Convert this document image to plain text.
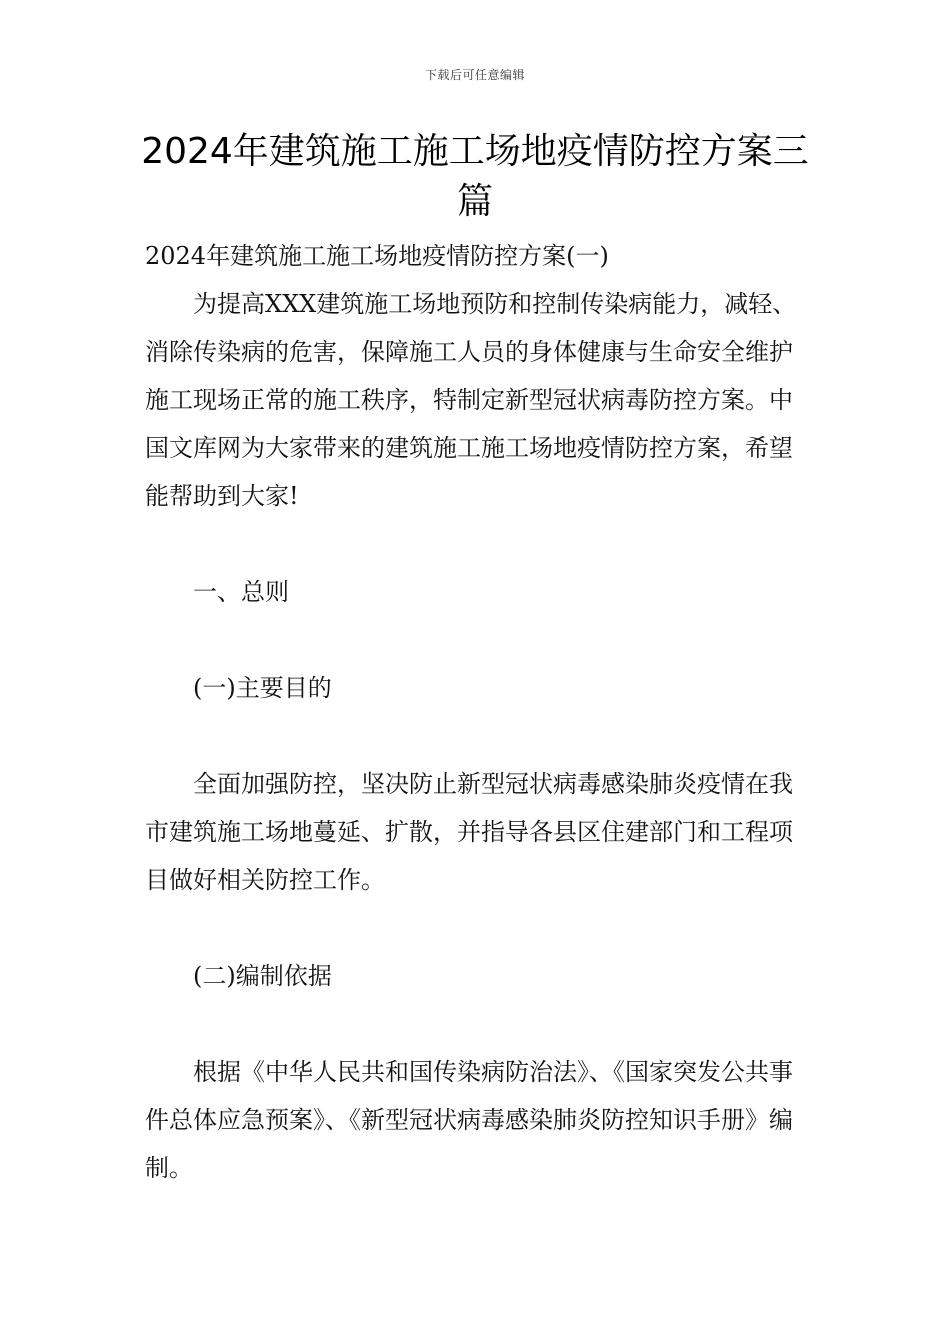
下载后可任意编辑
2024年建筑施工施工场地疫情防控方案三篇

2024年建筑施工施工场地疫情防控方案(一)

为提高XXX建筑施工场地预防和控制传染病能力，减轻、消除传染病的危害，保障施工人员的身体健康与生命安全维护施工现场正常的施工秩序，特制定新型冠状病毒防控方案。中国文库网为大家带来的建筑施工施工场地疫情防控方案，希望能帮助到大家!

一、总则

(一)主要目的

全面加强防控，坚决防止新型冠状病毒感染肺炎疫情在我市建筑施工场地蔓延、扩散，并指导各县区住建部门和工程项目做好相关防控工作。

(二)编制依据

根据《中华人民共和国传染病防治法》、《国家突发公共事件总体应急预案》、《新型冠状病毒感染肺炎防控知识手册》编制。
